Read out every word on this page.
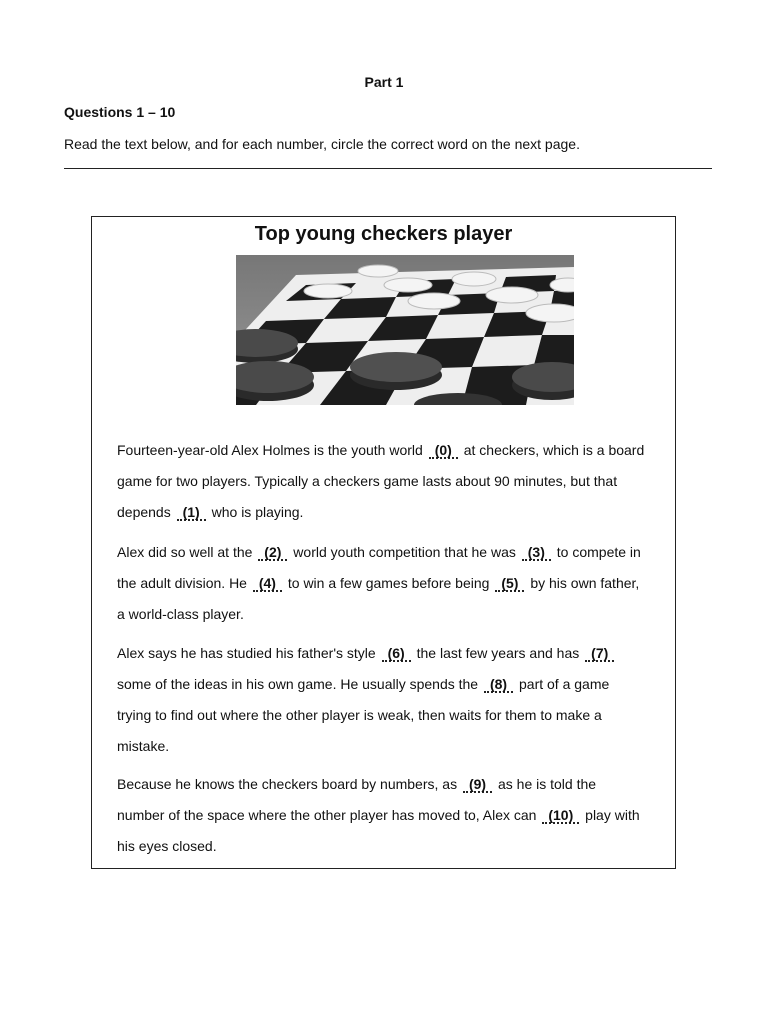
Part 1
Questions 1 – 10
Read the text below, and for each number, circle the correct word on the next page.
Top young checkers player

Fourteen-year-old Alex Holmes is the youth world (0) at checkers, which is a board game for two players. Typically a checkers game lasts about 90 minutes, but that depends (1) who is playing.

Alex did so well at the (2) world youth competition that he was (3) to compete in the adult division. He (4) to win a few games before being (5) by his own father, a world-class player.

Alex says he has studied his father's style (6) the last few years and has (7) some of the ideas in his own game. He usually spends the (8) part of a game trying to find out where the other player is weak, then waits for them to make a mistake.

Because he knows the checkers board by numbers, as (9) as he is told the number of the space where the other player has moved to, Alex can (10) play with his eyes closed.
